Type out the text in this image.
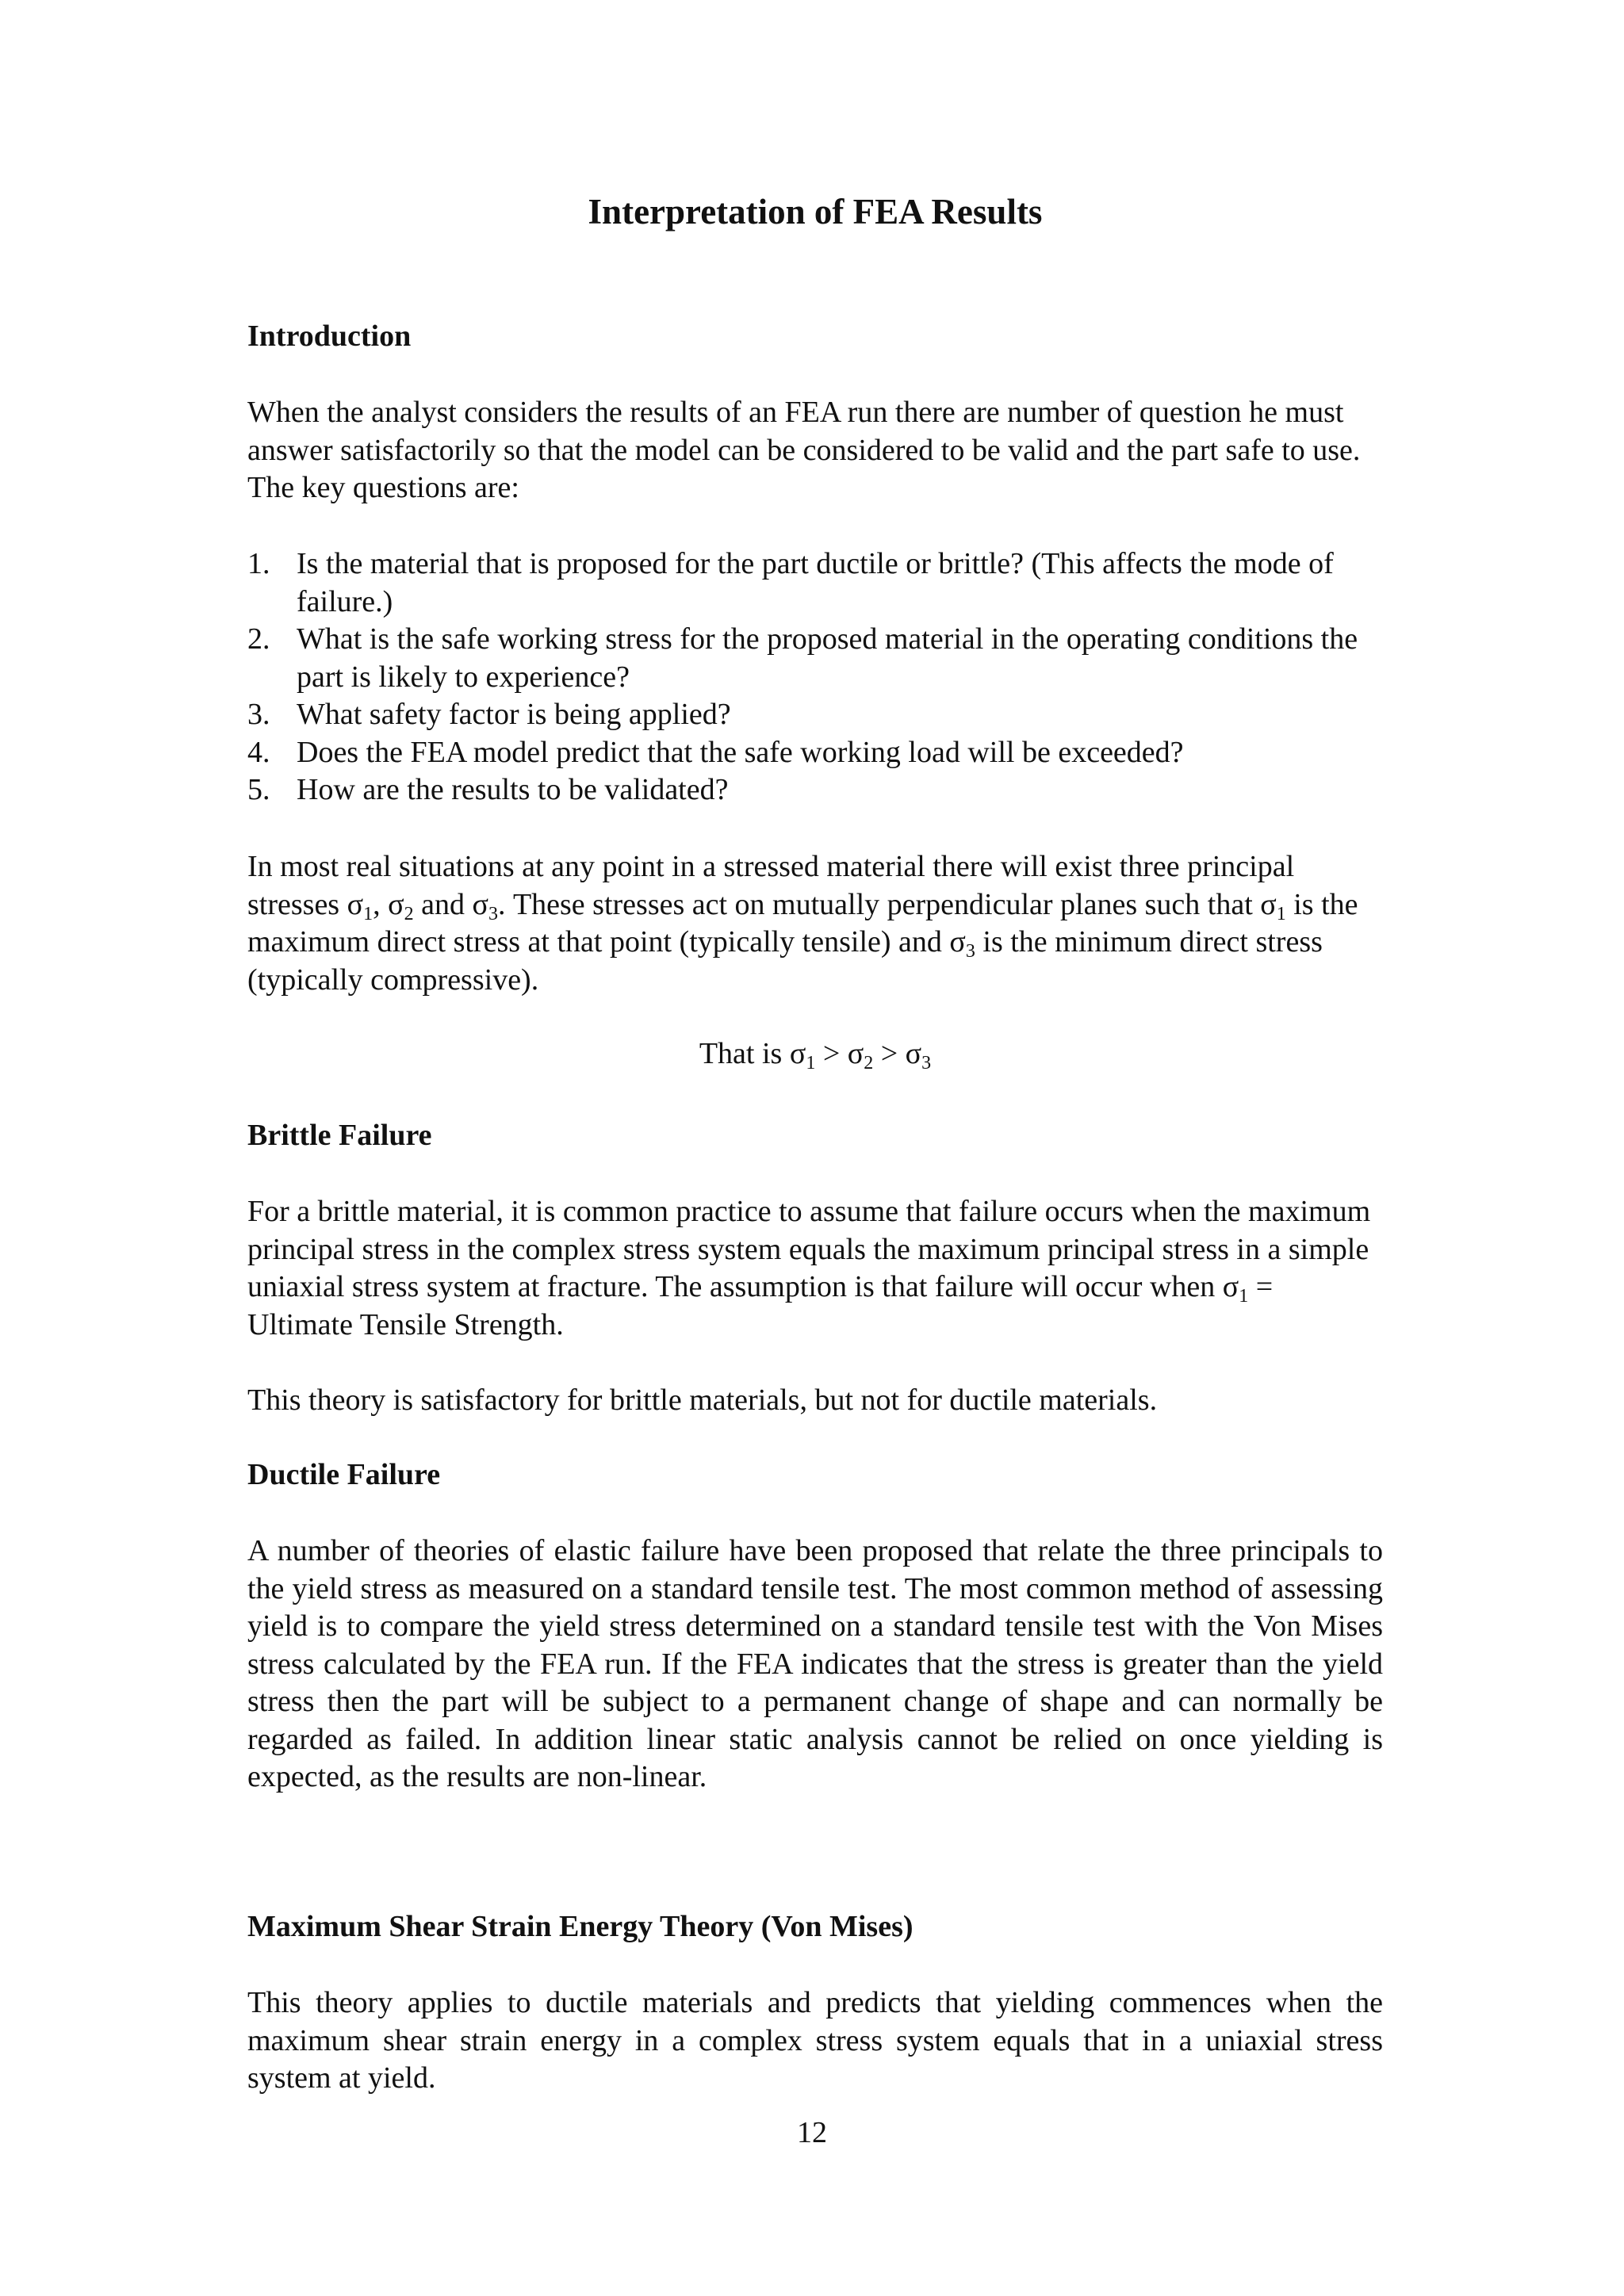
Interpretation of FEA Results
Introduction

When the analyst considers the results of an FEA run there are number of question he must answer satisfactorily so that the model can be considered to be valid and the part safe to use. The key questions are:

1. Is the material that is proposed for the part ductile or brittle? (This affects the mode of failure.)
2. What is the safe working stress for the proposed material in the operating conditions the part is likely to experience?
3. What safety factor is being applied?
4. Does the FEA model predict that the safe working load will be exceeded?
5. How are the results to be validated?

In most real situations at any point in a stressed material there will exist three principal stresses $\sigma_1$, $\sigma_2$ and $\sigma_3$. These stresses act on mutually perpendicular planes such that $\sigma_1$ is the maximum direct stress at that point (typically tensile) and $\sigma_3$ is the minimum direct stress (typically compressive).

That is $\sigma_1 > \sigma_2 > \sigma_3$

Brittle Failure

For a brittle material, it is common practice to assume that failure occurs when the maximum principal stress in the complex stress system equals the maximum principal stress in a simple uniaxial stress system at fracture. The assumption is that failure will occur when $\sigma_1$ = Ultimate Tensile Strength.

This theory is satisfactory for brittle materials, but not for ductile materials.

Ductile Failure

A number of theories of elastic failure have been proposed that relate the three principals to the yield stress as measured on a standard tensile test. The most common method of assessing yield is to compare the yield stress determined on a standard tensile test with the Von Mises stress calculated by the FEA run. If the FEA indicates that the stress is greater than the yield stress then the part will be subject to a permanent change of shape and can normally be regarded as failed. In addition linear static analysis cannot be relied on once yielding is expected, as the results are non-linear.

Maximum Shear Strain Energy Theory (Von Mises)

This theory applies to ductile materials and predicts that yielding commences when the maximum shear strain energy in a complex stress system equals that in a uniaxial stress system at yield.

12
